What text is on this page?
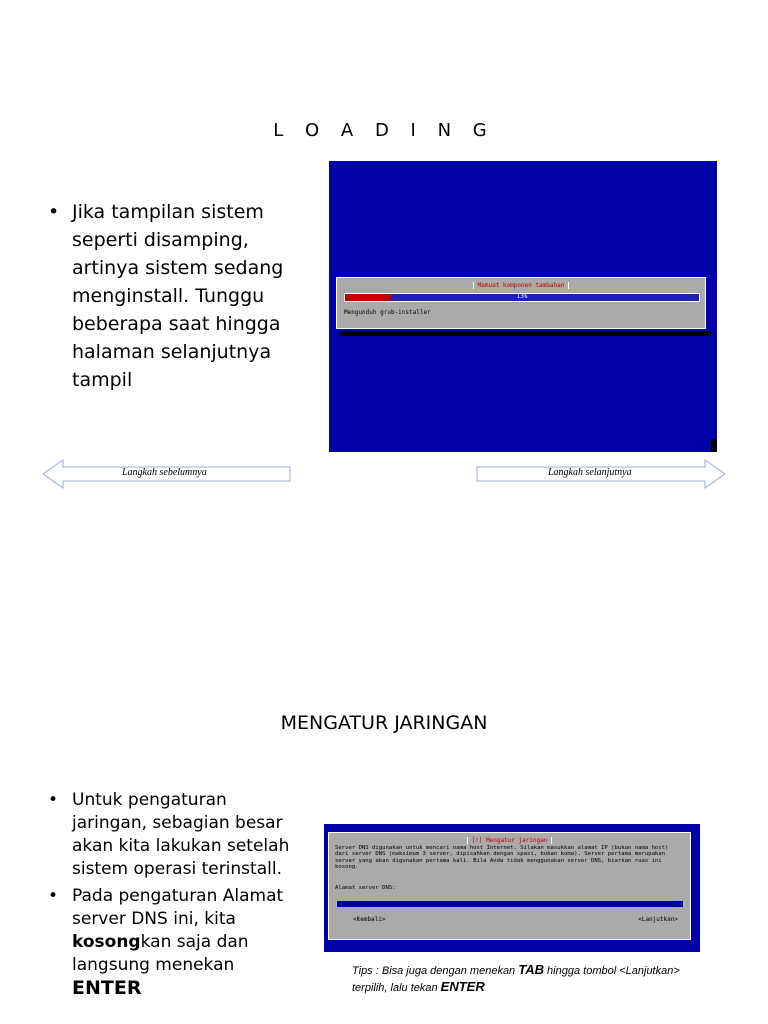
L O A D I N G
• Jika tampilan sistem seperti disamping, artinya sistem sedang menginstall. Tunggu beberapa saat hingga halaman selanjutnya tampil
Memuat komponen tambahan
13%
Mengunduh grub-installer
Langkah sebelumnya	Langkah selanjutnya
MENGATUR JARINGAN
• Untuk pengaturan jaringan, sebagian besar akan kita lakukan setelah sistem operasi terinstall.
• Pada pengaturan Alamat server DNS ini, kita kosongkan saja dan langsung menekan
ENTER
[!] Mengatur jaringan
Server DNS digunakan untuk mencari nama host Internet. Silakan masukkan alamat IP (bukan nama host) dari server DNS (maksimum 3 server, dipisahkan dengan spasi, bukan koma). Server pertama merupakan server yang akan digunakan pertama kali. Bila Anda tidak menggunakan server DNS, biarkan ruas ini kosong.
Alamat server DNS:
<Kembali>	<Lanjutkan>
Tips : Bisa juga dengan menekan TAB hingga tombol <Lanjutkan> terpilih, lalu tekan ENTER
